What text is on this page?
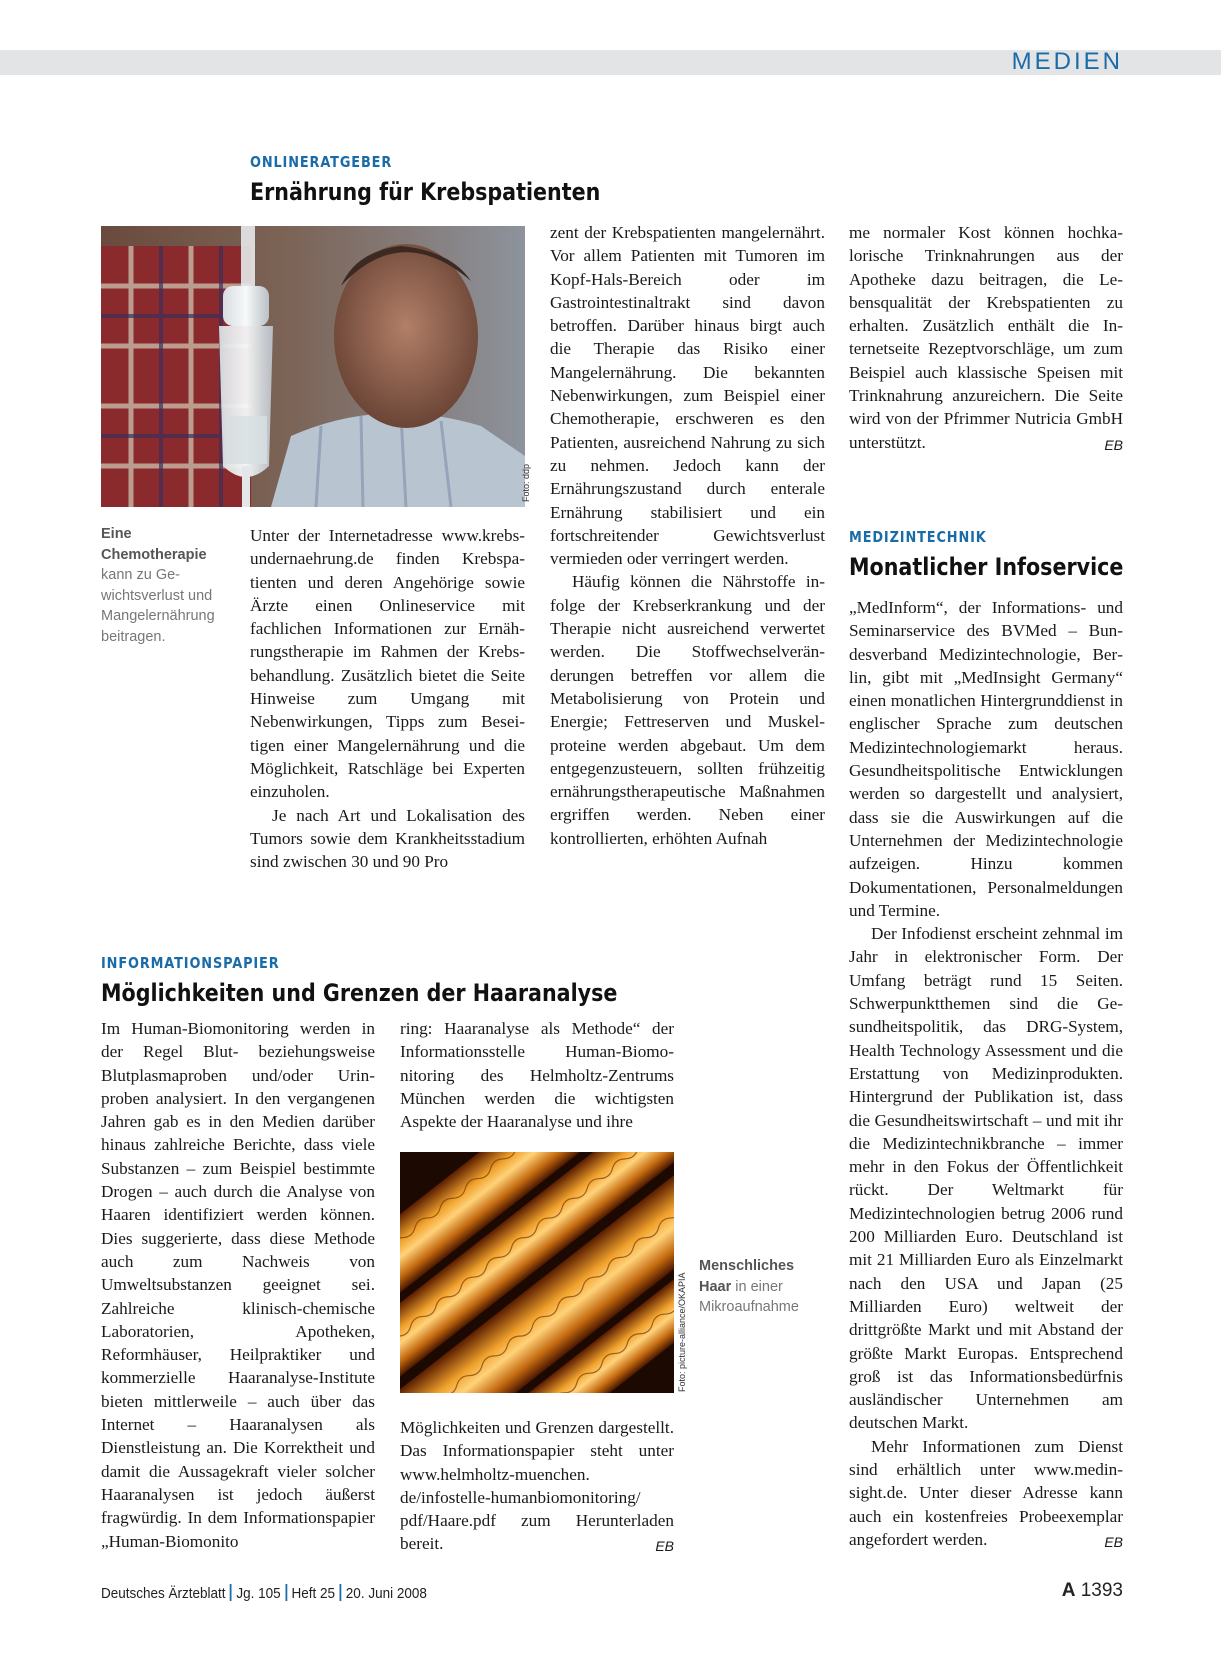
MEDIEN
ONLINERATGEBER
Ernährung für Krebspatienten
Foto: ddp
Eine Chemotherapie kann zu Gewichtsverlust und Mangelernährung beitragen.

Unter der Internetadresse www.krebsundernaehrung.de finden Krebspatienten und deren Angehörige sowie Ärzte einen Onlineservice mit fachlichen Informationen zur Ernährungstherapie im Rahmen der Krebsbehandlung. Zusätzlich bietet die Seite Hinweise zum Umgang mit Nebenwirkungen, Tipps zum Beseitigen einer Mangelernährung und die Möglichkeit, Ratschläge bei Experten einzuholen.

Je nach Art und Lokalisation des Tumors sowie dem Krankheitsstadium sind zwischen 30 und 90 Pro

zent der Krebspatienten mangelernährt. Vor allem Patienten mit Tumoren im Kopf-Hals-Bereich oder im Gastrointestinaltrakt sind davon betroffen. Darüber hinaus birgt auch die Therapie das Risiko einer Mangelernährung. Die bekannten Nebenwirkungen, zum Beispiel einer Chemotherapie, erschweren es den Patienten, ausreichend Nahrung zu sich zu nehmen. Jedoch kann der Ernährungszustand durch enterale Ernährung stabilisiert und ein fortschreitender Gewichtsverlust vermieden oder verringert werden.

Häufig können die Nährstoffe infolge der Krebserkrankung und der Therapie nicht ausreichend verwertet werden. Die Stoffwechselveränderungen betreffen vor allem die Metabolisierung von Protein und Energie; Fettreserven und Muskelproteine werden abgebaut. Um dem entgegenzusteuern, sollten frühzeitig ernährungstherapeutische Maßnahmen ergriffen werden. Neben einer kontrollierten, erhöhten Aufnah

me normaler Kost können hochkalorische Trinknahrungen aus der Apotheke dazu beitragen, die Lebensqualität der Krebspatienten zu erhalten. Zusätzlich enthält die Internetseite Rezeptvorschläge, um zum Beispiel auch klassische Speisen mit Trinknahrung anzureichern. Die Seite wird von der Pfrimmer Nutricia GmbH unterstützt.	EB

MEDIZINTECHNIK
Monatlicher Infoservice

„MedInform“, der Informations- und Seminarservice des BVMed – Bundesverband Medizintechnologie, Berlin, gibt mit „MedInsight Germany“ einen monatlichen Hintergrunddienst in englischer Sprache zum deutschen Medizintechnologiemarkt heraus. Gesundheitspolitische Entwicklungen werden so dargestellt und analysiert, dass sie die Auswirkungen auf die Unternehmen der Medizintechnologie aufzeigen. Hinzu kommen Dokumentationen, Personalmeldungen und Termine.

Der Infodienst erscheint zehnmal im Jahr in elektronischer Form. Der Umfang beträgt rund 15 Seiten. Schwerpunktthemen sind die Gesundheitspolitik, das DRG-System, Health Technology Assessment und die Erstattung von Medizinprodukten. Hintergrund der Publikation ist, dass die Gesundheitswirtschaft – und mit ihr die Medizintechnikbranche – immer mehr in den Fokus der Öffentlichkeit rückt. Der Weltmarkt für Medizintechnologien betrug 2006 rund 200 Milliarden Euro. Deutschland ist mit 21 Milliarden Euro als Einzelmarkt nach den USA und Japan (25 Milliarden Euro) weltweit der drittgrößte Markt und mit Abstand der größte Markt Europas. Entsprechend groß ist das Informationsbedürfnis ausländischer Unternehmen am deutschen Markt.

Mehr Informationen zum Dienst sind erhältlich unter www.medinsight.de. Unter dieser Adresse kann auch ein kostenfreies Probeexemplar angefordert werden.	EB

INFORMATIONSPAPIER
Möglichkeiten und Grenzen der Haaranalyse

Im Human-Biomonitoring werden in der Regel Blut- beziehungsweise Blutplasmaproben und/oder Urinproben analysiert. In den vergangenen Jahren gab es in den Medien darüber hinaus zahlreiche Berichte, dass viele Substanzen – zum Beispiel bestimmte Drogen – auch durch die Analyse von Haaren identifiziert werden können. Dies suggerierte, dass diese Methode auch zum Nachweis von Umweltsubstanzen geeignet sei. Zahlreiche klinisch-chemische Laboratorien, Apotheken, Reformhäuser, Heilpraktiker und kommerzielle Haaranalyse-Institute bieten mittlerweile – auch über das Internet – Haaranalysen als Dienstleistung an. Die Korrektheit und damit die Aussagekraft vieler solcher Haaranalysen ist jedoch äußerst fragwürdig. In dem Informationspapier „Human-Biomonito

ring: Haaranalyse als Methode“ der Informationsstelle Human-Biomonitoring des Helmholtz-Zentrums München werden die wichtigsten Aspekte der Haaranalyse und ihre

Foto: picture-alliance/OKAPIA
Menschliches Haar in einer Mikroaufnahme

Möglichkeiten und Grenzen dargestellt. Das Informationspapier steht unter www.helmholtz-muenchen. de/infostelle-humanbiomonitoring/ pdf/Haare.pdf zum Herunterladen bereit.	EB

Deutsches Ärzteblatt Jg. 105 Heft 25 20. Juni 2008	A 1393
